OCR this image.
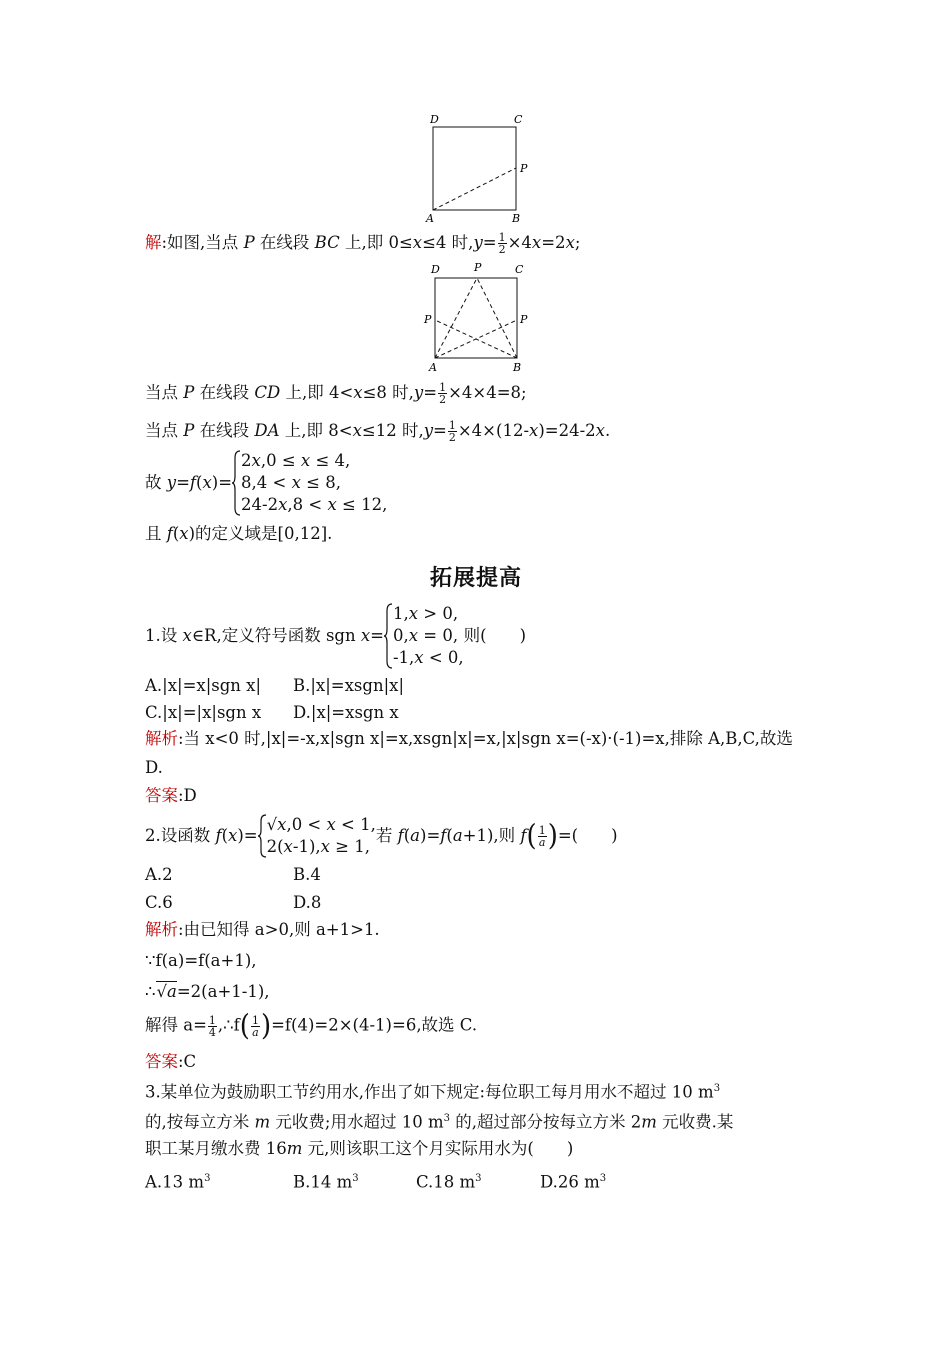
D	C
P
A	B
解:如图,当点 P 在线段 BC 上,即 0≤x≤4 时$,y= \frac{1}{2} \times 4x=2x$;
D	P	C
P	P
A	B
当点 P 在线段 CD 上,即 4<x≤8 时$,y= \frac{1}{2} \times 4\times 4=8$;
当点 P 在线段 DA 上,即 8<x≤12 时$,y= \frac{1}{2} \times 4\times(12-x)=24-2x$.
故 y=f(x)=
2𝑥,0 ≤ 𝑥 ≤ 4,
8,4 < 𝑥 ≤ 8,
24-2𝑥,8 < 𝑥 ≤ 12,
且 f(x)的定义域是[0,12].
拓展提高
1.设 x∈R,定义符号函数 sgn x=
1,𝑥 > 0,
0,𝑥 = 0,
-1,𝑥 < 0,
则(　　)
A.|x|=x|sgn x| B.|x|=xsgn|x|
C.|x|=|x|sgn x D.|x|=xsgn x
解析:当 x<0 时,|x|=-x,x|sgn x|=x,xsgn|x|=x,|x|sgn x=(-x)·(-1)=x,排除 A,B,C,故选
D.
答案:D
2.设函数 f(x)=
√𝑥,0 < 𝑥 < 1,
2(𝑥-1),𝑥 ≥ 1,
若 f(a)=f(a+1),则 $f( \frac{1}{\text{𝑎}}$ )=(　　)
A.2	B.4
C.6	D.8
解析:由已知得 a>0,则 a+1>1.
∵f(a)=f(a+1),
∴√𝑎=2(a+1-1),
解得 $a= \frac{1}{4}$ ,∴f( $\frac{1}{\text{𝑎}} )=f(4)=2\times(4-1)=6$,故选 C.
答案:C
3.某单位为鼓励职工节约用水,作出了如下规定:每位职工每月用水不超过 10 $m^3$
的,按每立方米 m 元收费;用水超过 10 $m^3$ 的,超过部分按每立方米 2m 元收费.某
职工某月缴水费 16m 元,则该职工这个月实际用水为(　　)
A.13 $m^3$	B.14 $m^3$	C.18 $m^3$	D.26 $m^3$
